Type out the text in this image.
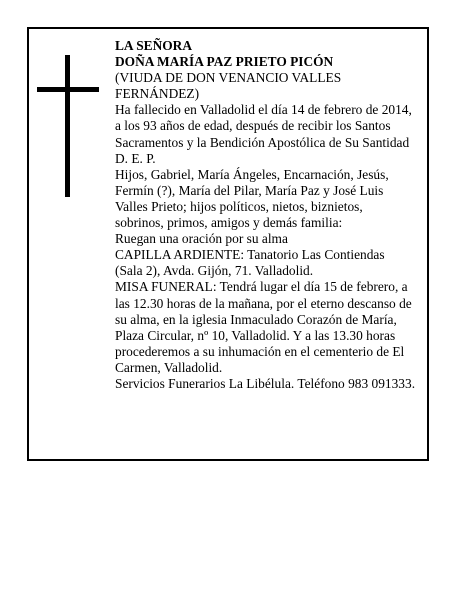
LA SEÑORA
DOÑA MARÍA PAZ PRIETO PICÓN
(VIUDA DE DON VENANCIO VALLES
FERNÁNDEZ)
Ha fallecido en Valladolid el día 14 de febrero de 2014,
a los 93 años de edad, después de recibir los Santos
Sacramentos y la Bendición Apostólica de Su Santidad
D. E. P.
Hijos, Gabriel, María Ángeles, Encarnación, Jesús,
Fermín (?), María del Pilar, María Paz y José Luis
Valles Prieto; hijos políticos, nietos, biznietos,
sobrinos, primos, amigos y demás familia:
Ruegan una oración por su alma
CAPILLA ARDIENTE: Tanatorio Las Contiendas
(Sala 2), Avda. Gijón, 71. Valladolid.
MISA FUNERAL: Tendrá lugar el día 15 de febrero, a
las 12.30 horas de la mañana, por el eterno descanso de
su alma, en la iglesia Inmaculado Corazón de María,
Plaza Circular, nº 10, Valladolid. Y a las 13.30 horas
procederemos a su inhumación en el cementerio de El
Carmen, Valladolid.
Servicios Funerarios La Libélula. Teléfono 983 091333.
